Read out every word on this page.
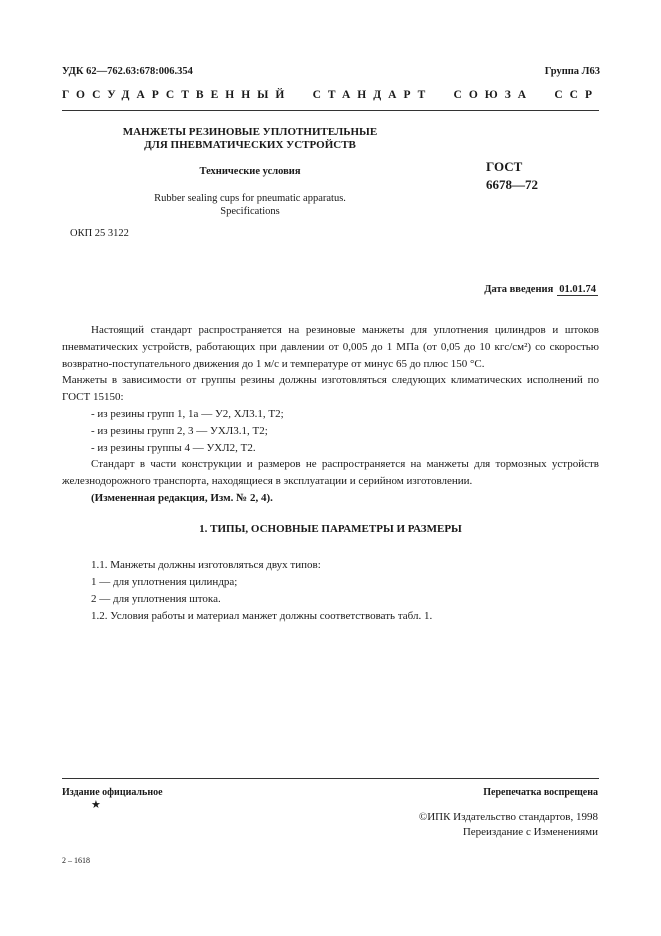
УДК 62—762.63:678:006.354	Группа Л63
ГОСУДАРСТВЕННЫЙ СТАНДАРТ СОЮЗА ССР
МАНЖЕТЫ РЕЗИНОВЫЕ УПЛОТНИТЕЛЬНЫЕ
ДЛЯ ПНЕВМАТИЧЕСКИХ УСТРОЙСТВ
Технические условия
Rubber sealing cups for pneumatic apparatus.
Specifications
ГОСТ
6678—72
ОКП 25 3122
Дата введения 01.01.74

Настоящий стандарт распространяется на резиновые манжеты для уплотнения цилиндров и штоков пневматических устройств, работающих при давлении от 0,005 до 1 МПа (от 0,05 до 10 кгс/см²) со скоростью возвратно-поступательного движения до 1 м/с и температуре от минус 65 до плюс 150 °С.

Манжеты в зависимости от группы резины должны изготовляться следующих климатических исполнений по ГОСТ 15150:

- из резины групп 1, 1а — У2, ХЛ3.1, Т2;

- из резины групп 2, 3 — УХЛ3.1, Т2;

- из резины группы 4 — УХЛ2, Т2.

Стандарт в части конструкции и размеров не распространяется на манжеты для тормозных устройств железнодорожного транспорта, находящиеся в эксплуатации и серийном изготовлении.

(Измененная редакция, Изм. № 2, 4).

1. ТИПЫ, ОСНОВНЫЕ ПАРАМЕТРЫ И РАЗМЕРЫ

1.1. Манжеты должны изготовляться двух типов:

1 — для уплотнения цилиндра;

2 — для уплотнения штока.

1.2. Условия работы и материал манжет должны соответствовать табл. 1.

Издание официальное
★
Перепечатка воспрещена
©ИПК Издательство стандартов, 1998
Переиздание с Изменениями
2 – 1618
